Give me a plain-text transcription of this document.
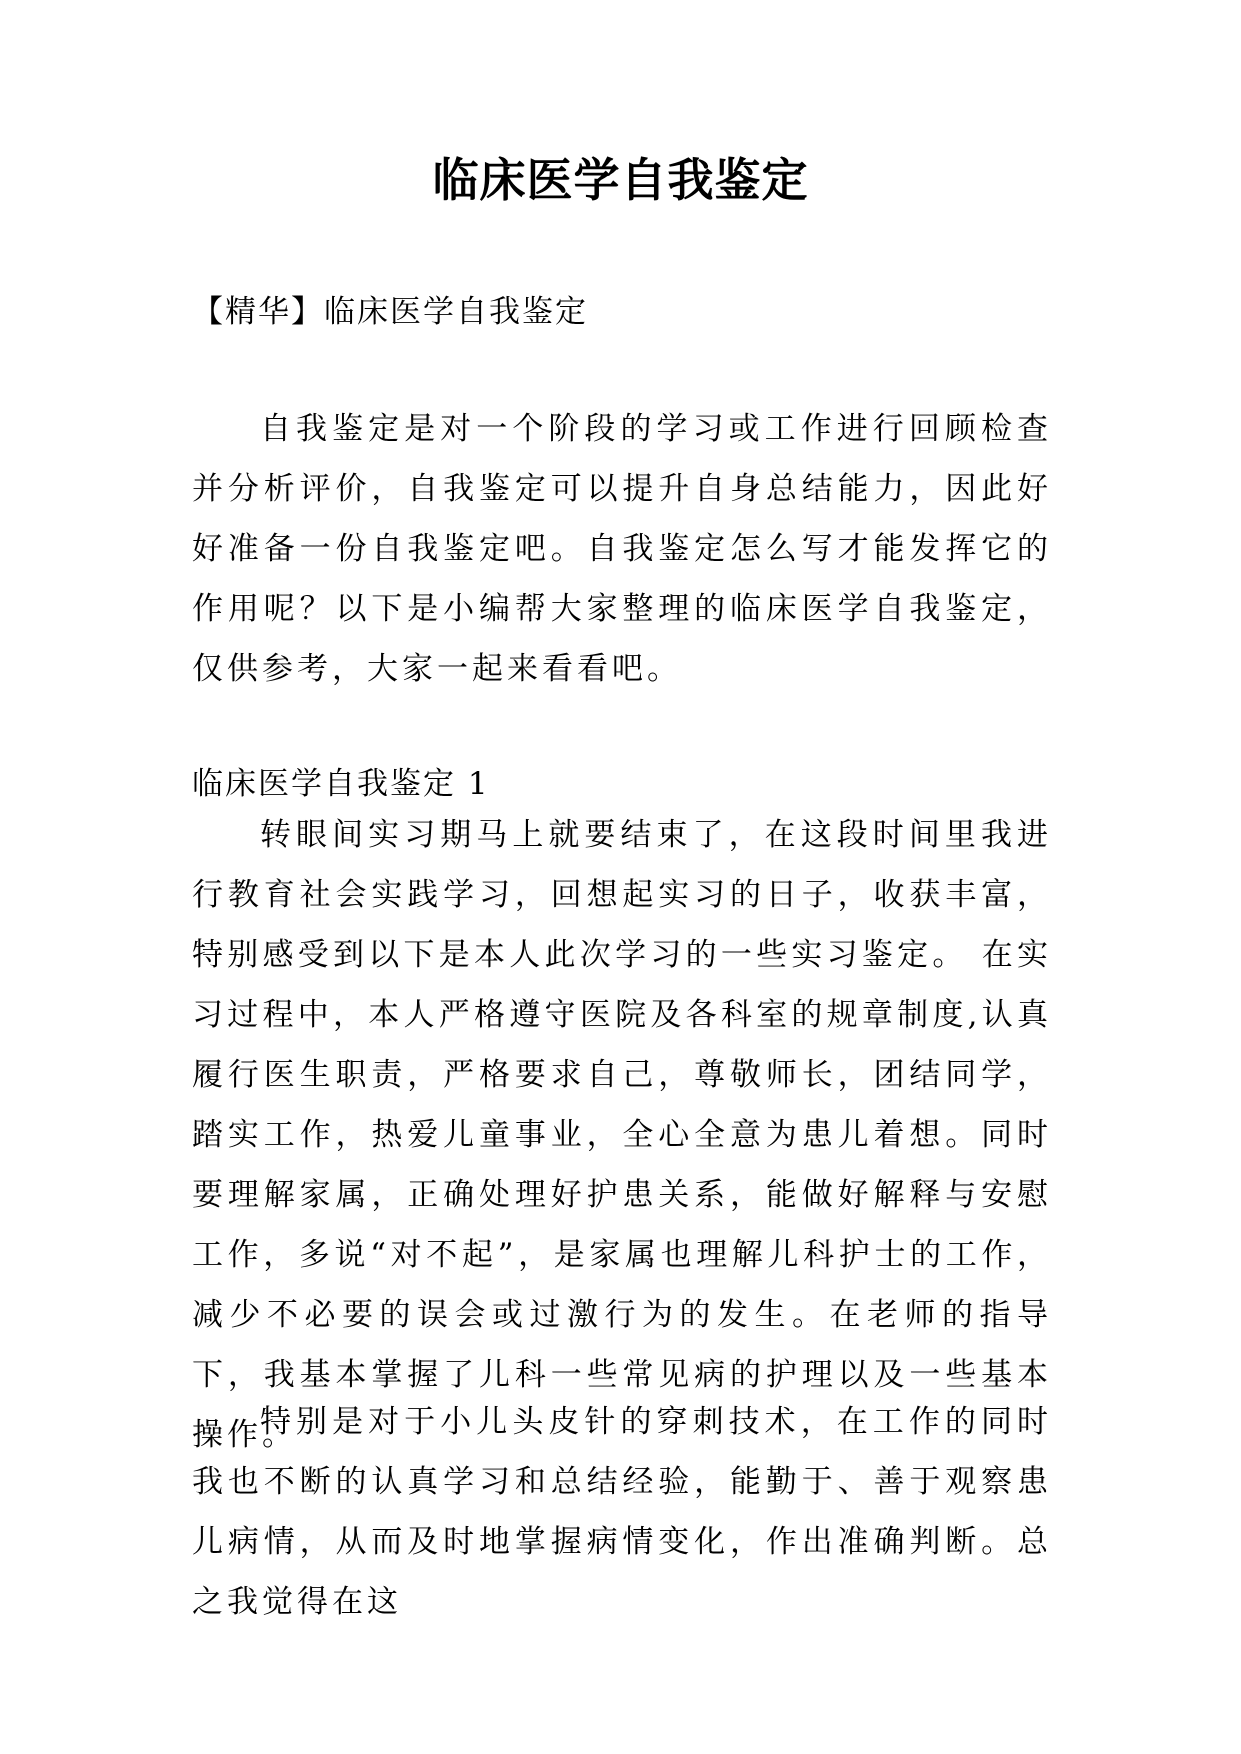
临床医学自我鉴定
【精华】临床医学自我鉴定

自我鉴定是对一个阶段的学习或工作进行回顾检查并分析评价，自我鉴定可以提升自身总结能力，因此好好准备一份自我鉴定吧。自我鉴定怎么写才能发挥它的作用呢？以下是小编帮大家整理的临床医学自我鉴定，仅供参考，大家一起来看看吧。

临床医学自我鉴定 1

转眼间实习期马上就要结束了，在这段时间里我进行教育社会实践学习，回想起实习的日子，收获丰富，特别感受到以下是本人此次学习的一些实习鉴定。 在实习过程中，本人严格遵守医院及各科室的规章制度,认真履行医生职责，严格要求自己，尊敬师长，团结同学，踏实工作，热爱儿童事业，全心全意为患儿着想。同时要理解家属，正确处理好护患关系，能做好解释与安慰工作，多说“对不起”，是家属也理解儿科护士的工作，减少不必要的误会或过激行为的发生。在老师的指导下，我基本掌握了儿科一些常见病的护理以及一些基本操作。

特别是对于小儿头皮针的穿刺技术，在工作的同时我也不断的认真学习和总结经验，能勤于、善于观察患儿病情，从而及时地掌握病情变化，作出准确判断。总之我觉得在这
